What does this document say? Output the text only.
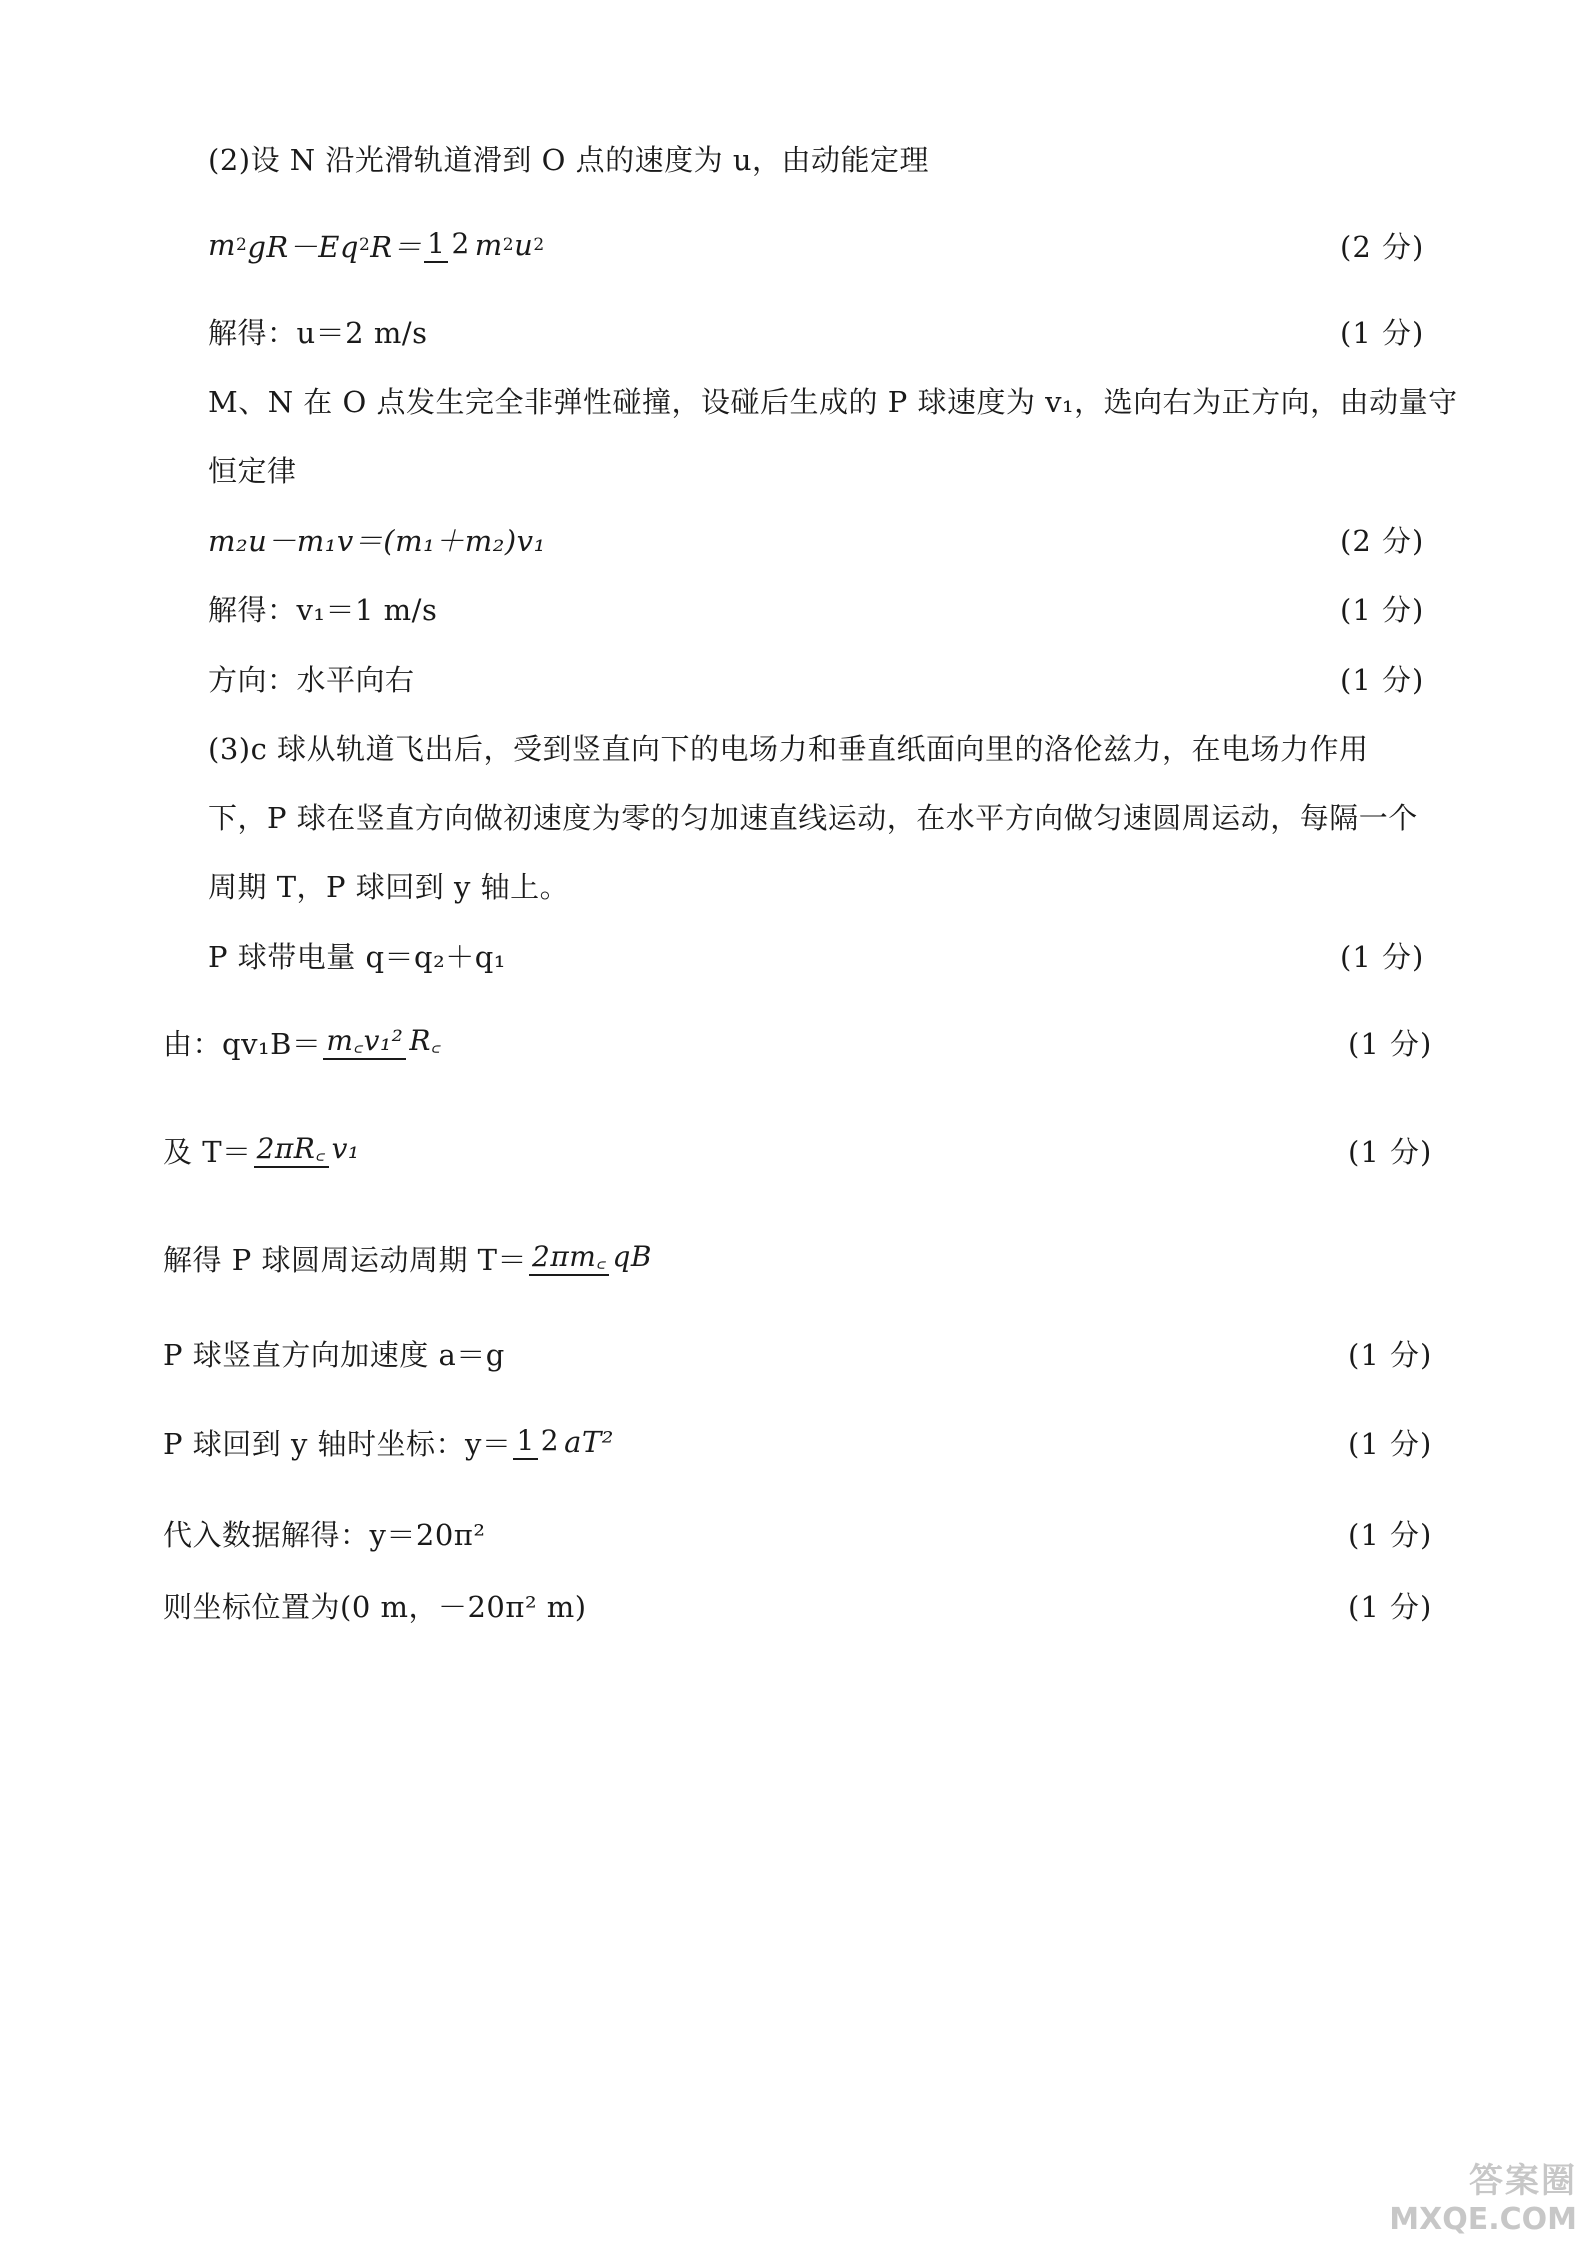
(2)设 N 沿光滑轨道滑到 O 点的速度为 u，由动能定理
m 2 gR－Eq 2 R＝ 1 2 m 2 u 2	(2 分)
解得：u＝2 m/s	(1 分)
M、N 在 O 点发生完全非弹性碰撞，设碰后生成的 P 球速度为 v₁，选向右为正方向，由动量守
恒定律
m₂u－m₁v＝(m₁＋m₂)v₁	(2 分)
解得：v₁＝1 m/s	(1 分)
方向：水平向右	(1 分)
(3)c 球从轨道飞出后，受到竖直向下的电场力和垂直纸面向里的洛伦兹力，在电场力作用
下，P 球在竖直方向做初速度为零的匀加速直线运动，在水平方向做匀速圆周运动，每隔一个
周期 T，P 球回到 y 轴上。
P 球带电量 q＝q₂＋q₁	(1 分)
由：qv₁B＝ m꜀v₁² R꜀	(1 分)
及 T＝ 2πR꜀ v₁	(1 分)
解得 P 球圆周运动周期 T＝ 2πm꜀ qB
P 球竖直方向加速度 a＝g	(1 分)
P 球回到 y 轴时坐标：y＝ 1 2 aT²	(1 分)
代入数据解得：y＝20π²	(1 分)
则坐标位置为(0 m，－20π² m)	(1 分)
答案圈
MXQE.COM
